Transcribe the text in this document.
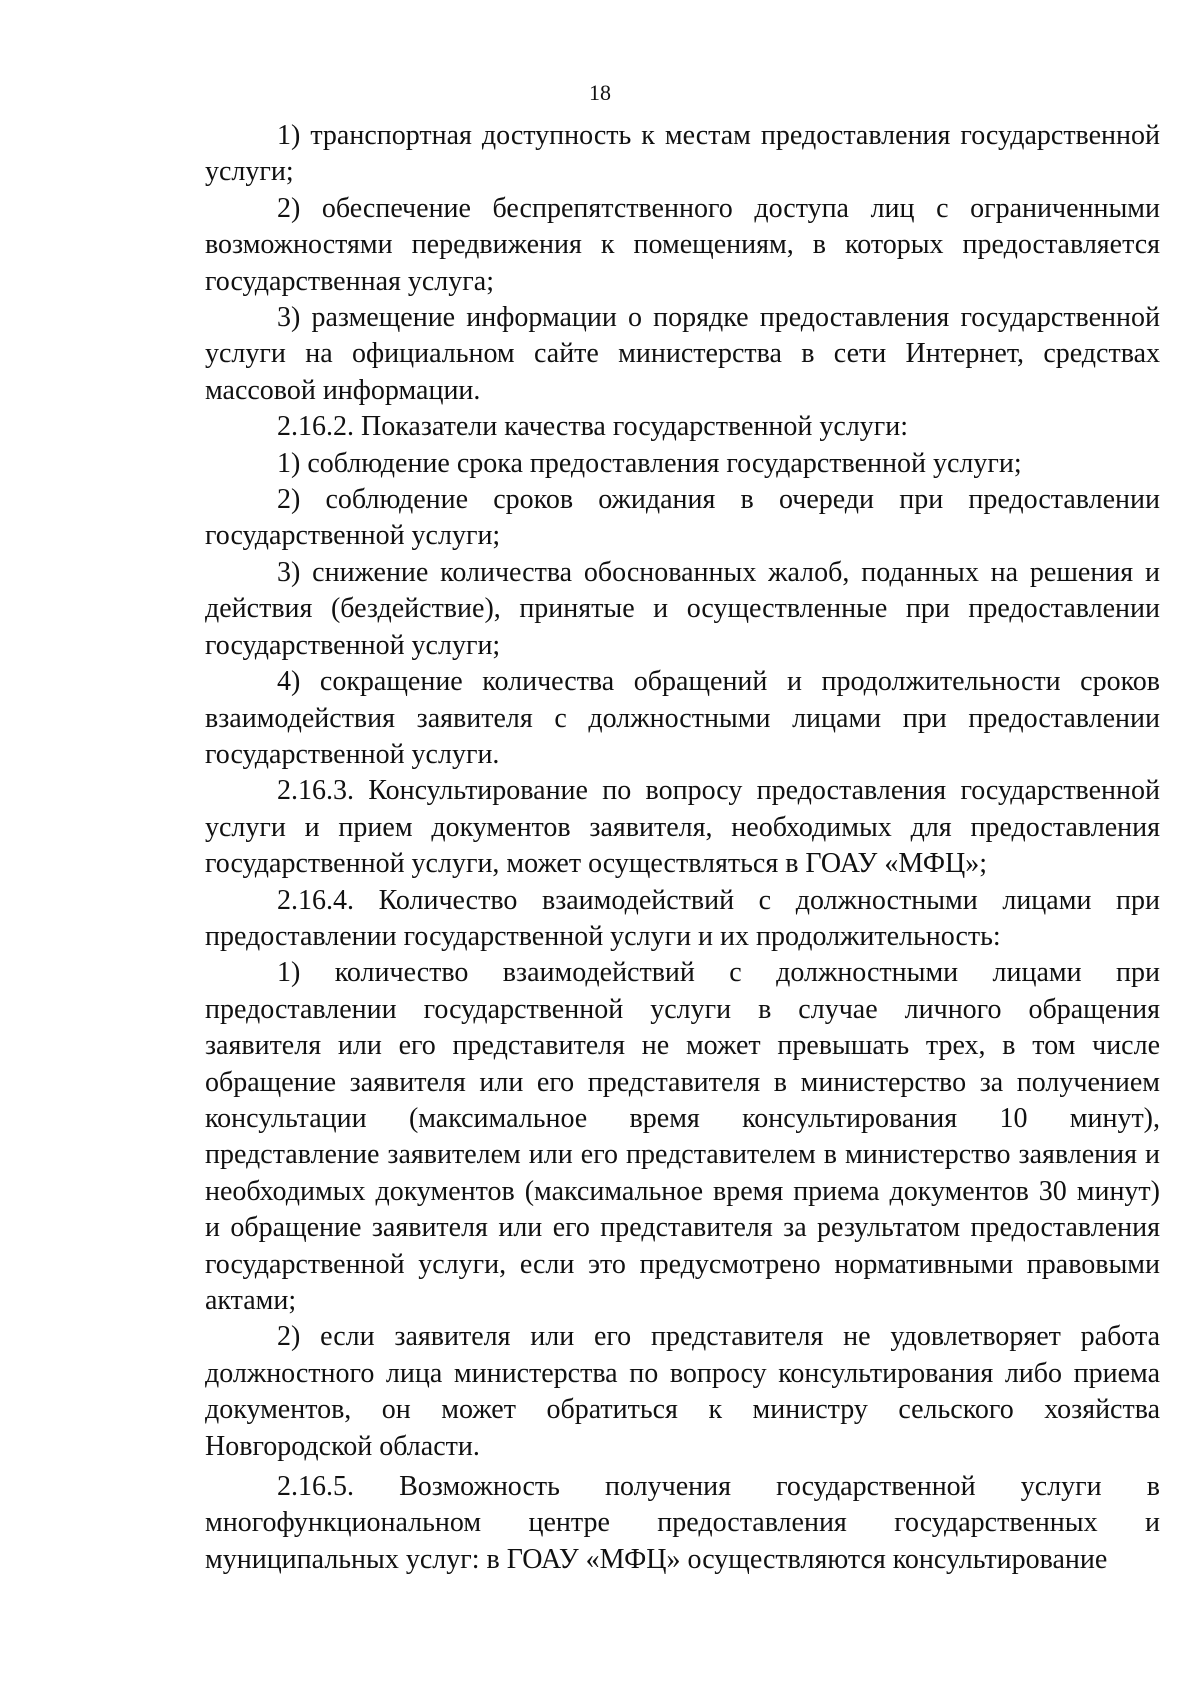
18

1) транспортная доступность к местам предоставления государственной услуги;

2) обеспечение беспрепятственного доступа лиц с ограниченными возможностями передвижения к помещениям, в которых предоставляется государственная услуга;

3) размещение информации о порядке предоставления государственной услуги на официальном сайте министерства в сети Интернет, средствах массовой информации.

2.16.2. Показатели качества государственной услуги:

1) соблюдение срока предоставления государственной услуги;

2) соблюдение сроков ожидания в очереди при предоставлении государственной услуги;

3) снижение количества обоснованных жалоб, поданных на решения и действия (бездействие), принятые и осуществленные при предоставлении государственной услуги;

4) сокращение количества обращений и продолжительности сроков взаимодействия заявителя с должностными лицами при предоставлении государственной услуги.

2.16.3. Консультирование по вопросу предоставления государственной услуги и прием документов заявителя, необходимых для предоставления государственной услуги, может осуществляться в ГОАУ «МФЦ»;

2.16.4. Количество взаимодействий с должностными лицами при предоставлении государственной услуги и их продолжительность:

1) количество взаимодействий с должностными лицами при предоставлении государственной услуги в случае личного обращения заявителя или его представителя не может превышать трех, в том числе обращение заявителя или его представителя в министерство за получением консультации (максимальное время консультирования 10 минут), представление заявителем или его представителем в министерство заявления и необходимых документов (максимальное время приема документов 30 минут) и обращение заявителя или его представителя за результатом предоставления государственной услуги, если это предусмотрено нормативными правовыми актами;

2) если заявителя или его представителя не удовлетворяет работа должностного лица министерства по вопросу консультирования либо приема документов, он может обратиться к министру сельского хозяйства Новгородской области.

2.16.5. Возможность получения государственной услуги в многофункциональном центре предоставления государственных и муниципальных услуг: в ГОАУ «МФЦ» осуществляются консультирование
